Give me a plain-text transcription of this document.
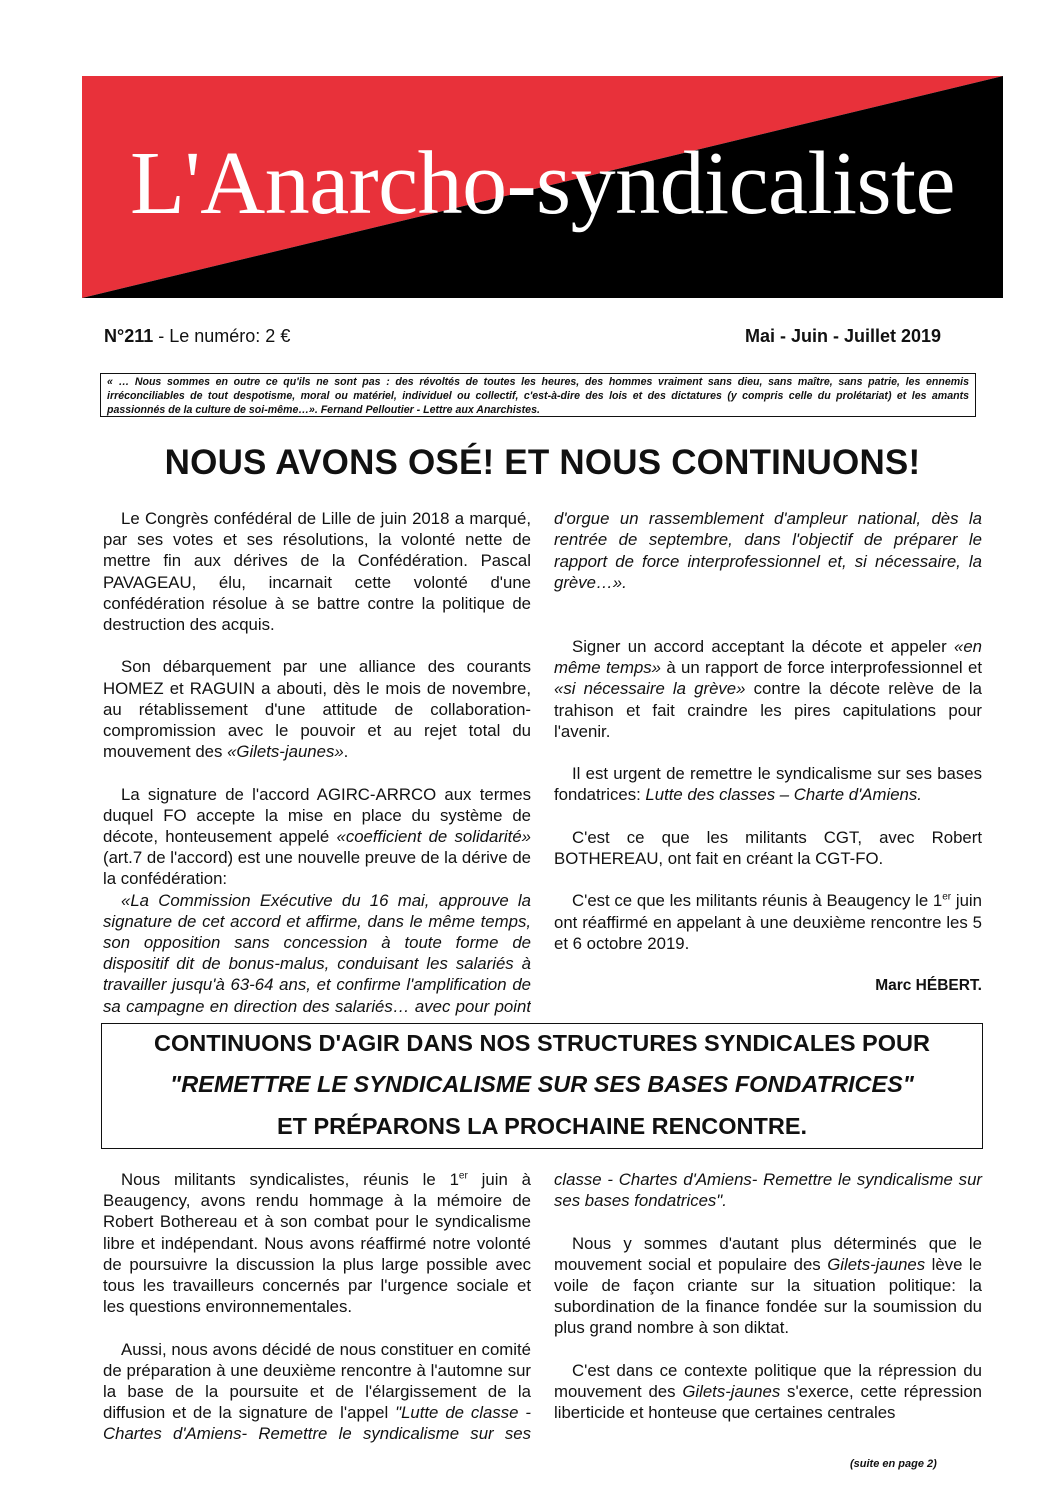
L'Anarcho-syndicaliste
N°211 - Le numéro: 2 €	Mai - Juin - Juillet 2019
« … Nous sommes en outre ce qu'ils ne sont pas : des révoltés de toutes les heures, des hommes vraiment sans dieu, sans maître, sans patrie, les ennemis irréconciliables de tout despotisme, moral ou matériel, individuel ou collectif, c'est-à-dire des lois et des dictatures (y compris celle du prolétariat) et les amants passionnés de la culture de soi-même…». Fernand Pelloutier - Lettre aux Anarchistes.
NOUS AVONS OSÉ! ET NOUS CONTINUONS!

Le Congrès confédéral de Lille de juin 2018 a marqué, par ses votes et ses résolutions, la volonté nette de mettre fin aux dérives de la Confédération. Pascal PAVAGEAU, élu, incarnait cette volonté d'une confédération résolue à se battre contre la politique de destruction des acquis.

Son débarquement par une alliance des courants HOMEZ et RAGUIN a abouti, dès le mois de novembre, au rétablissement d'une attitude de collaboration-compromission avec le pouvoir et au rejet total du mouvement des «Gilets-jaunes».

La signature de l'accord AGIRC-ARRCO aux termes duquel FO accepte la mise en place du système de décote, honteusement appelé «coefficient de solidarité» (art.7 de l'accord) est une nouvelle preuve de la dérive de la confédération:

«La Commission Exécutive du 16 mai, approuve la signature de cet accord et affirme, dans le même temps, son opposition sans concession à toute forme de dispositif dit de bonus-malus, conduisant les salariés à travailler jusqu'à 63-64 ans, et confirme l'amplification de sa campagne en direction des salariés… avec pour point

d'orgue un rassemblement d'ampleur national, dès la rentrée de septembre, dans l'objectif de préparer le rapport de force interprofessionnel et, si nécessaire, la grève…».

Signer un accord acceptant la décote et appeler «en même temps» à un rapport de force interprofessionnel et «si nécessaire la grève» contre la décote relève de la trahison et fait craindre les pires capitulations pour l'avenir.

Il est urgent de remettre le syndicalisme sur ses bases fondatrices: Lutte des classes – Charte d'Amiens.

C'est ce que les militants CGT, avec Robert BOTHEREAU, ont fait en créant la CGT-FO.

C'est ce que les militants réunis à Beaugency le 1er juin ont réaffirmé en appelant à une deuxième rencontre les 5 et 6 octobre 2019.

Marc HÉBERT.
CONTINUONS D'AGIR DANS NOS STRUCTURES SYNDICALES POUR
"REMETTRE LE SYNDICALISME SUR SES BASES FONDATRICES"
ET PRÉPARONS LA PROCHAINE RENCONTRE.

Nous militants syndicalistes, réunis le 1er juin à Beaugency, avons rendu hommage à la mémoire de Robert Bothereau et à son combat pour le syndicalisme libre et indépendant. Nous avons réaffirmé notre volonté de poursuivre la discussion la plus large possible avec tous les travailleurs concernés par l'urgence sociale et les questions environnementales.

Aussi, nous avons décidé de nous constituer en comité de préparation à une deuxième rencontre à l'automne sur la base de la poursuite et de l'élargissement de la diffusion et de la signature de l'appel "Lutte de classe - Chartes d'Amiens- Remettre le syndicalisme sur ses

classe - Chartes d'Amiens- Remettre le syndicalisme sur ses bases fondatrices".

Nous y sommes d'autant plus déterminés que le mouvement social et populaire des Gilets-jaunes lève le voile de façon criante sur la situation politique: la subordination de la finance fondée sur la soumission du plus grand nombre à son diktat.

C'est dans ce contexte politique que la répression du mouvement des Gilets-jaunes s'exerce, cette répression liberticide et honteuse que certaines centrales

(suite en page 2)
